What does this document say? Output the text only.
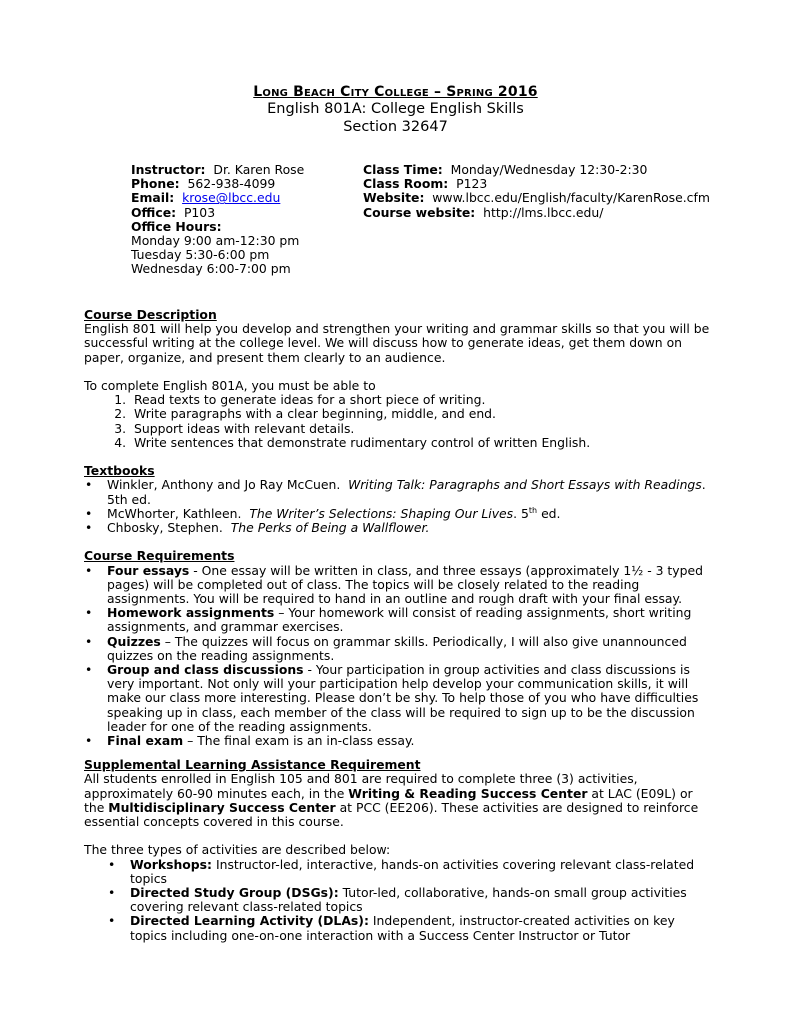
Long Beach City College – Spring 2016
English 801A: College English Skills
Section 32647
Instructor: Dr. Karen Rose
Phone: 562-938-4099
Email: krose@lbcc.edu
Office: P103
Office Hours:
Monday 9:00 am-12:30 pm
Tuesday 5:30-6:00 pm
Wednesday 6:00-7:00 pm
Class Time: Monday/Wednesday 12:30-2:30
Class Room: P123
Website: www.lbcc.edu/English/faculty/KarenRose.cfm
Course website: http://lms.lbcc.edu/
Course Description
English 801 will help you develop and strengthen your writing and grammar skills so that you will be successful writing at the college level. We will discuss how to generate ideas, get them down on paper, organize, and present them clearly to an audience.
To complete English 801A, you must be able to
1. Read texts to generate ideas for a short piece of writing.
2. Write paragraphs with a clear beginning, middle, and end.
3. Support ideas with relevant details.
4. Write sentences that demonstrate rudimentary control of written English.
Textbooks
• Winkler, Anthony and Jo Ray McCuen. Writing Talk: Paragraphs and Short Essays with Readings.
5th ed.
• McWhorter, Kathleen. The Writer’s Selections: Shaping Our Lives. 5th ed.
• Chbosky, Stephen. The Perks of Being a Wallflower.
Course Requirements
• Four essays - One essay will be written in class, and three essays (approximately 1½ - 3 typed pages) will be completed out of class. The topics will be closely related to the reading assignments. You will be required to hand in an outline and rough draft with your final essay.
• Homework assignments – Your homework will consist of reading assignments, short writing assignments, and grammar exercises.
• Quizzes – The quizzes will focus on grammar skills. Periodically, I will also give unannounced quizzes on the reading assignments.
• Group and class discussions - Your participation in group activities and class discussions is very important. Not only will your participation help develop your communication skills, it will make our class more interesting. Please don’t be shy. To help those of you who have difficulties speaking up in class, each member of the class will be required to sign up to be the discussion leader for one of the reading assignments.
• Final exam – The final exam is an in-class essay.
Supplemental Learning Assistance Requirement
All students enrolled in English 105 and 801 are required to complete three (3) activities, approximately 60-90 minutes each, in the Writing & Reading Success Center at LAC (E09L) or the Multidisciplinary Success Center at PCC (EE206). These activities are designed to reinforce essential concepts covered in this course.
The three types of activities are described below:
• Workshops: Instructor-led, interactive, hands-on activities covering relevant class-related topics
• Directed Study Group (DSGs): Tutor-led, collaborative, hands-on small group activities covering relevant class-related topics
• Directed Learning Activity (DLAs): Independent, instructor-created activities on key topics including one-on-one interaction with a Success Center Instructor or Tutor
